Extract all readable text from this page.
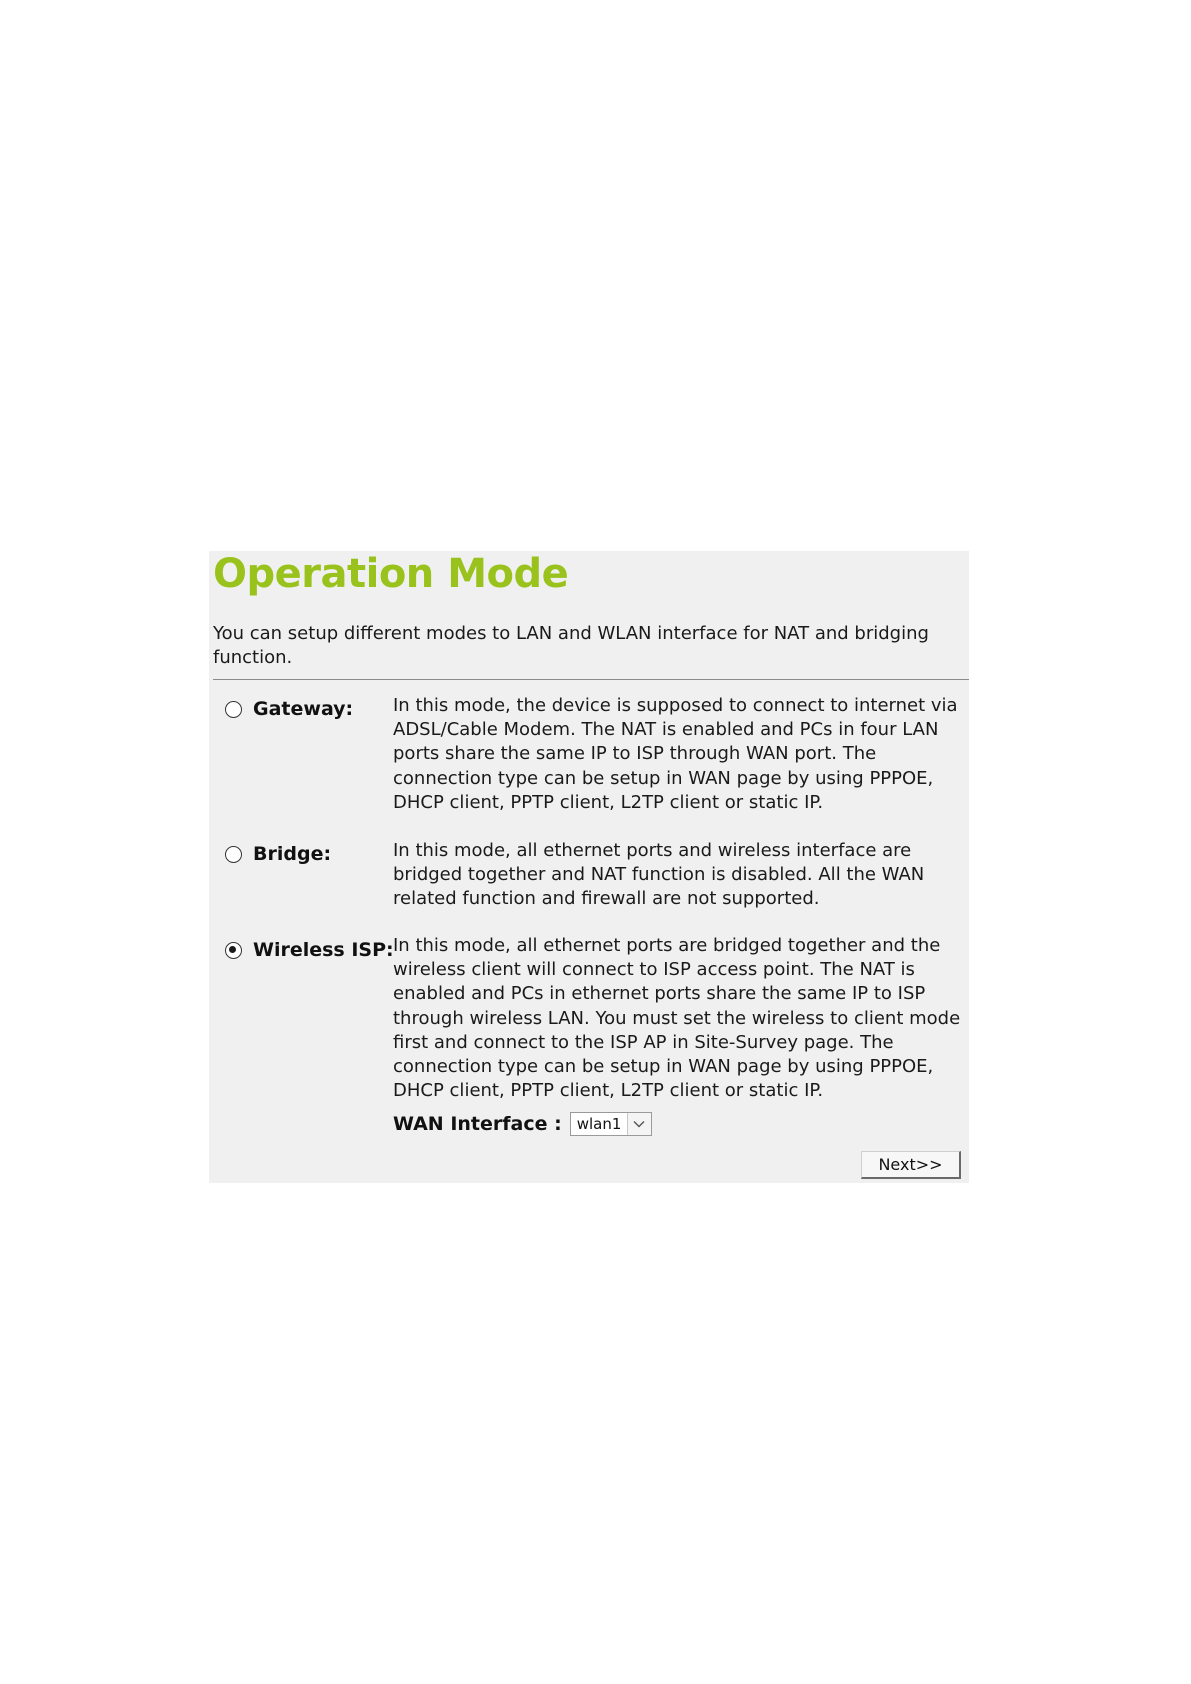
Operation Mode

You can setup different modes to LAN and WLAN interface for NAT and bridging function.

Gateway: In this mode, the device is supposed to connect to internet via ADSL/Cable Modem. The NAT is enabled and PCs in four LAN ports share the same IP to ISP through WAN port. The connection type can be setup in WAN page by using PPPOE, DHCP client, PPTP client, L2TP client or static IP.

Bridge:	In this mode, all ethernet ports and wireless interface are bridged together and NAT function is disabled. All the WAN related function and firewall are not supported.

Wireless ISP: In this mode, all ethernet ports are bridged together and the wireless client will connect to ISP access point. The NAT is enabled and PCs in ethernet ports share the same IP to ISP through wireless LAN. You must set the wireless to client mode first and connect to the ISP AP in Site-Survey page. The connection type can be setup in WAN page by using PPPOE, DHCP client, PPTP client, L2TP client or static IP.

WAN Interface :	wlan1
Next>>
